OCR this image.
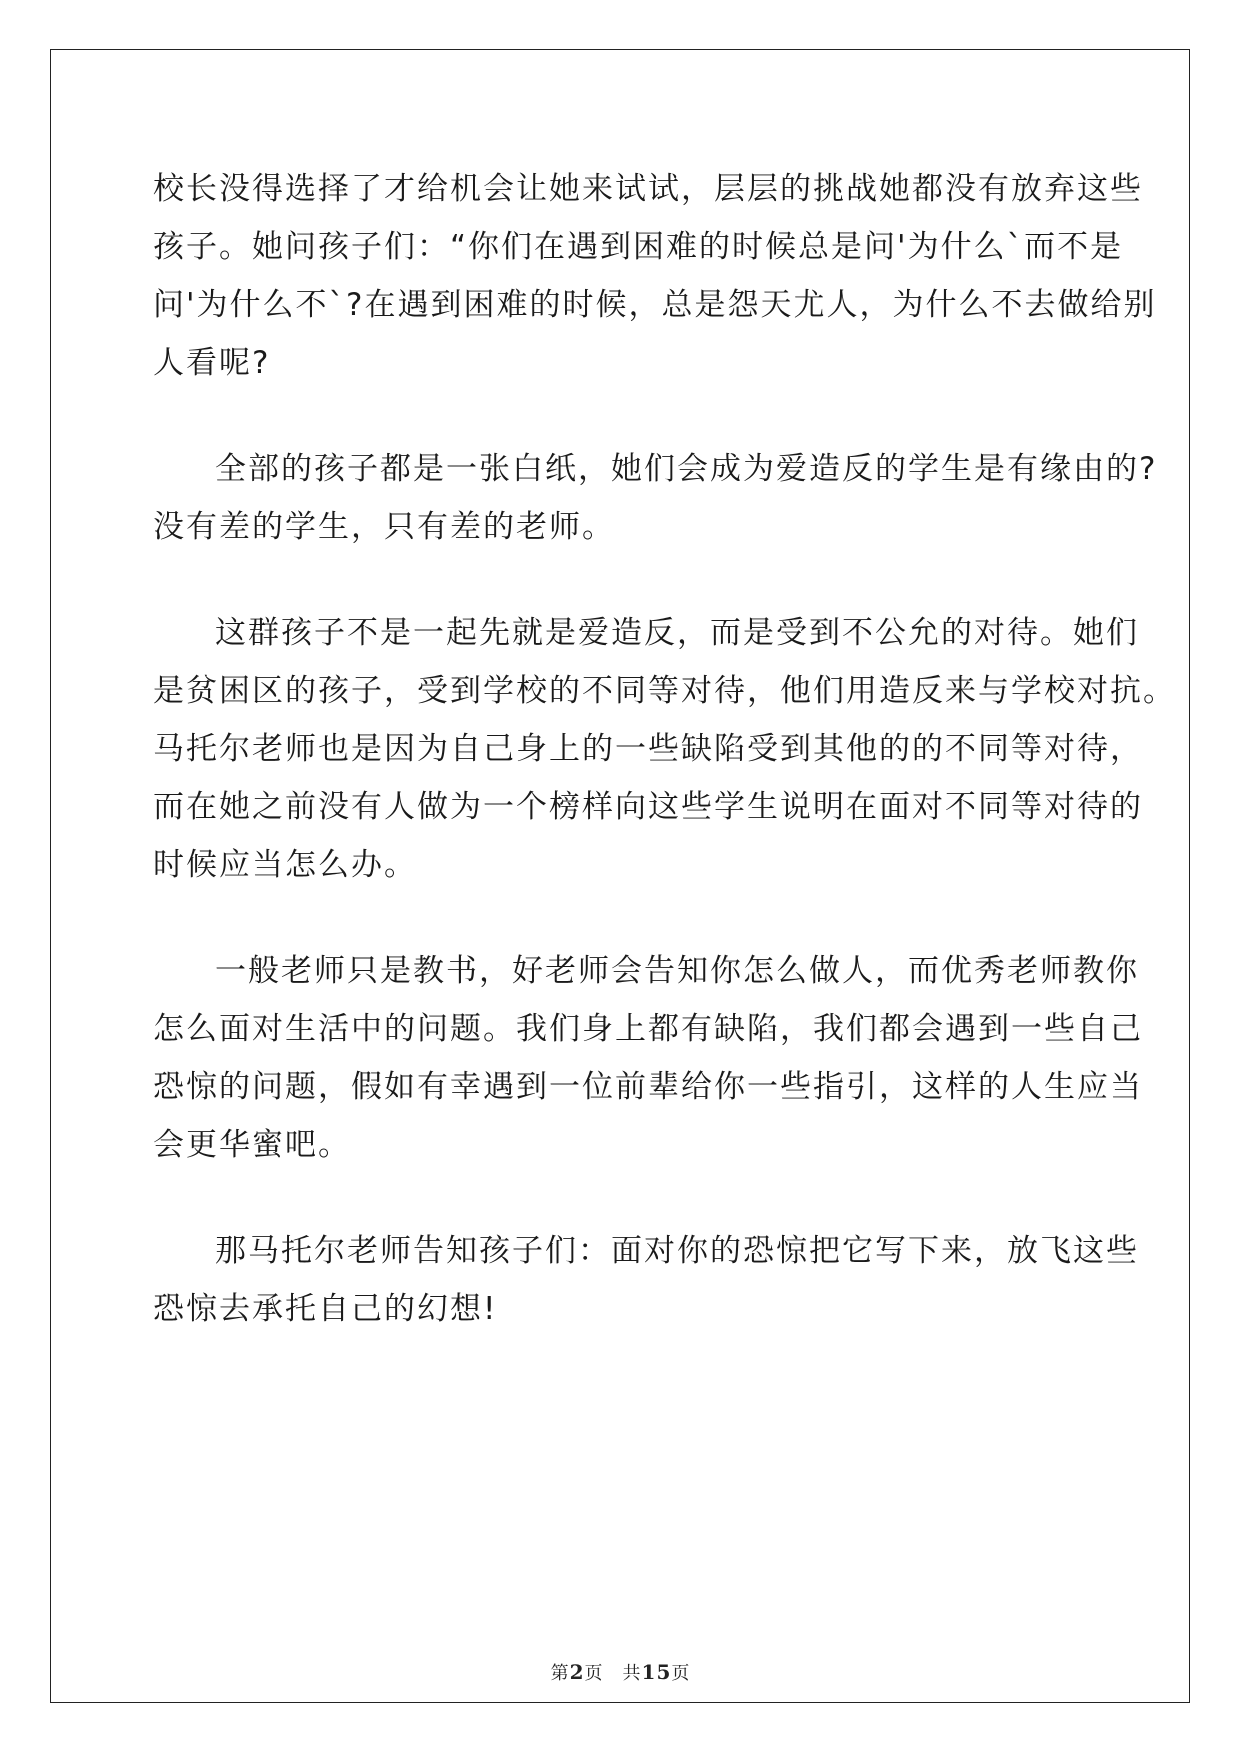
校长没得选择了才给机会让她来试试，层层的挑战她都没有放弃这些
孩子。她问孩子们：“你们在遇到困难的时候总是问'为什么`而不是
问'为什么不`?在遇到困难的时候，总是怨天尤人，为什么不去做给别
人看呢?
全部的孩子都是一张白纸，她们会成为爱造反的学生是有缘由的?
没有差的学生，只有差的老师。
这群孩子不是一起先就是爱造反，而是受到不公允的对待。她们
是贫困区的孩子，受到学校的不同等对待，他们用造反来与学校对抗。
马托尔老师也是因为自己身上的一些缺陷受到其他的的不同等对待，
而在她之前没有人做为一个榜样向这些学生说明在面对不同等对待的
时候应当怎么办。
一般老师只是教书，好老师会告知你怎么做人，而优秀老师教你
怎么面对生活中的问题。我们身上都有缺陷，我们都会遇到一些自己
恐惊的问题，假如有幸遇到一位前辈给你一些指引，这样的人生应当
会更华蜜吧。
那马托尔老师告知孩子们：面对你的恐惊把它写下来，放飞这些
恐惊去承托自己的幻想!
第2页　共15页
